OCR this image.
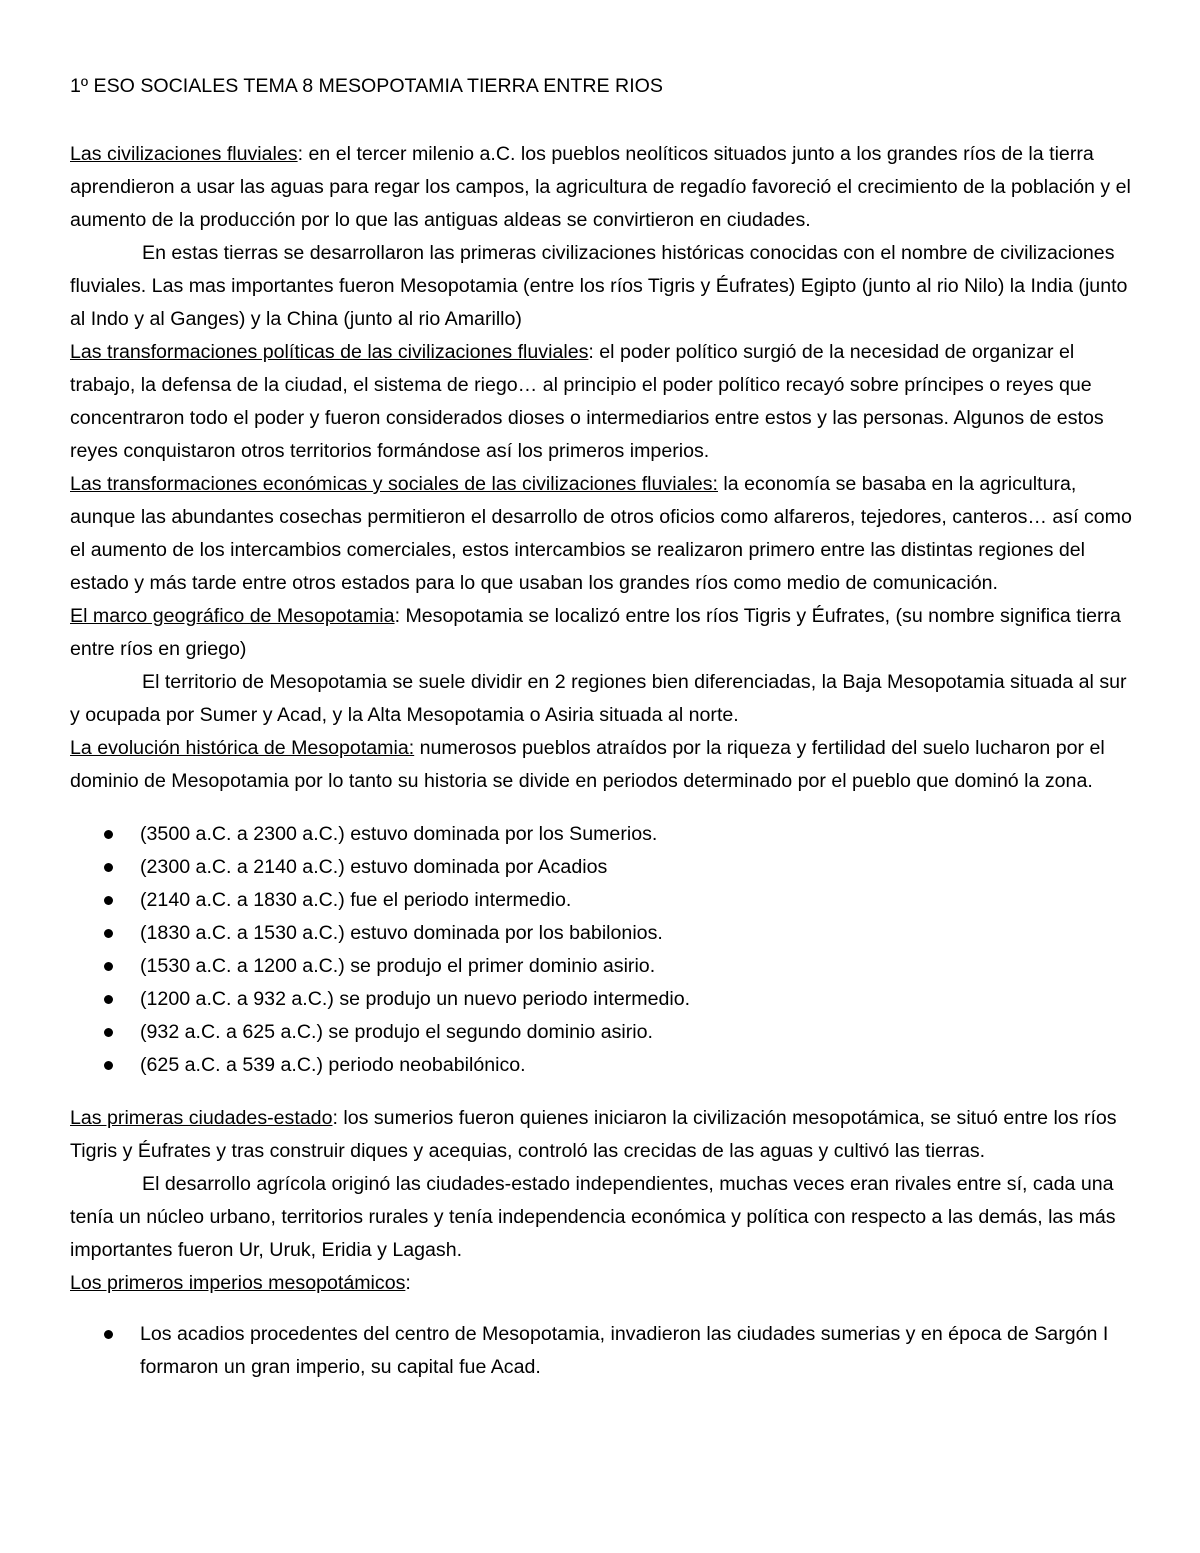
1º ESO SOCIALES TEMA 8 MESOPOTAMIA TIERRA ENTRE RIOS

Las civilizaciones fluviales: en el tercer milenio a.C. los pueblos neolíticos situados junto a los grandes ríos de la tierra aprendieron a usar las aguas para regar los campos, la agricultura de regadío favoreció el crecimiento de la población y el aumento de la producción por lo que las antiguas aldeas se convirtieron en ciudades.

En estas tierras se desarrollaron las primeras civilizaciones históricas conocidas con el nombre de civilizaciones fluviales. Las mas importantes fueron Mesopotamia (entre los ríos Tigris y Éufrates) Egipto (junto al rio Nilo) la India (junto al Indo y al Ganges) y la China (junto al rio Amarillo)

Las transformaciones políticas de las civilizaciones fluviales: el poder político surgió de la necesidad de organizar el trabajo, la defensa de la ciudad, el sistema de riego… al principio el poder político recayó sobre príncipes o reyes que concentraron todo el poder y fueron considerados dioses o intermediarios entre estos y las personas. Algunos de estos reyes conquistaron otros territorios formándose así los primeros imperios.

Las transformaciones económicas y sociales de las civilizaciones fluviales: la economía se basaba en la agricultura, aunque las abundantes cosechas permitieron el desarrollo de otros oficios como alfareros, tejedores, canteros… así como el aumento de los intercambios comerciales, estos intercambios se realizaron primero entre las distintas regiones del estado y más tarde entre otros estados para lo que usaban los grandes ríos como medio de comunicación.

El marco geográfico de Mesopotamia: Mesopotamia se localizó entre los ríos Tigris y Éufrates, (su nombre significa tierra entre ríos en griego)

El territorio de Mesopotamia se suele dividir en 2 regiones bien diferenciadas, la Baja Mesopotamia situada al sur y ocupada por Sumer y Acad, y la Alta Mesopotamia o Asiria situada al norte.

La evolución histórica de Mesopotamia: numerosos pueblos atraídos por la riqueza y fertilidad del suelo lucharon por el dominio de Mesopotamia por lo tanto su historia se divide en periodos determinado por el pueblo que dominó la zona.

(3500 a.C. a 2300 a.C.) estuvo dominada por los Sumerios.
(2300 a.C. a 2140 a.C.) estuvo dominada por Acadios
(2140 a.C. a 1830 a.C.) fue el periodo intermedio.
(1830 a.C. a 1530 a.C.) estuvo dominada por los babilonios.
(1530 a.C. a 1200 a.C.) se produjo el primer dominio asirio.
(1200 a.C. a 932 a.C.) se produjo un nuevo periodo intermedio.
(932 a.C. a 625 a.C.) se produjo el segundo dominio asirio.
(625 a.C. a 539 a.C.) periodo neobabilónico.

Las primeras ciudades-estado: los sumerios fueron quienes iniciaron la civilización mesopotámica, se situó entre los ríos Tigris y Éufrates y tras construir diques y acequias, controló las crecidas de las aguas y cultivó las tierras.

El desarrollo agrícola originó las ciudades-estado independientes, muchas veces eran rivales entre sí, cada una tenía un núcleo urbano, territorios rurales y tenía independencia económica y política con respecto a las demás, las más importantes fueron Ur, Uruk, Eridia y Lagash.

Los primeros imperios mesopotámicos:

Los acadios procedentes del centro de Mesopotamia, invadieron las ciudades sumerias y en época de Sargón I formaron un gran imperio, su capital fue Acad.
